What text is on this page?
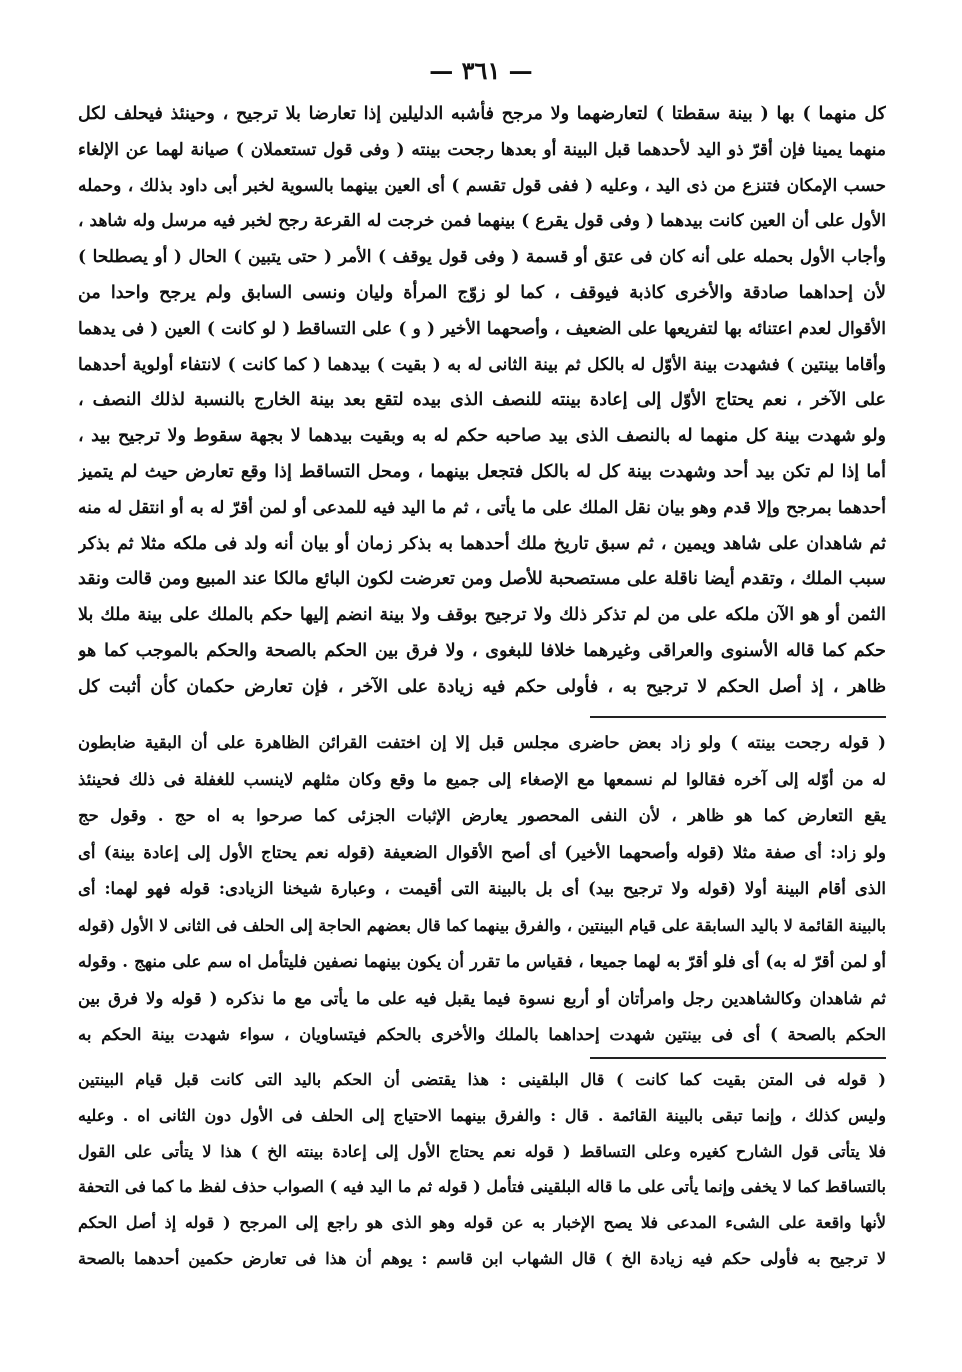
— ٣٦١ —
كل منهما ) بها ( بينة سقطتا ) لتعارضهما ولا مرجح فأشبه الدليلين إذا تعارضا بلا ترجيح ، وحينئذ فيحلف لكل
منهما يمينا فإن أقرّ ذو اليد لأحدهما قبل البينة أو بعدها رجحت بينته ( وفى قول تستعملان ) صيانة لهما عن الإلغاء
حسب الإمكان فتنزع من ذى اليد ، وعليه ( ففى قول تقسم ) أى العين بينهما بالسوية لخبر أبى داود بذلك ، وحمله
الأول على أن العين كانت بيدهما ( وفى قول يقرع ) بينهما فمن خرجت له القرعة رجح لخبر فيه مرسل وله شاهد ،
وأجاب الأول بحمله على أنه كان فى عتق أو قسمة ( وفى قول يوقف ) الأمر ( حتى يتبين ) الحال ( أو يصطلحا )
لأن إحداهما صادقة والأخرى كاذبة فيوقف ، كما لو زوّج المرأة وليان ونسى السابق ولم يرجح واحدا من
الأقوال لعدم اعتنائه بها لتفريعها على الضعيف ، وأصحهما الأخير ( و ) على التساقط ( لو كانت ) العين ( فى يدهما
وأقاما بينتين ) فشهدت بينة الأوّل له بالكل ثم بينة الثانى له به ( بقيت ) بيدهما ( كما كانت ) لانتفاء أولوية أحدهما
على الآخر ، نعم يحتاج الأوّل إلى إعادة بينته للنصف الذى بيده لتقع بعد بينة الخارج بالنسبة لذلك النصف ،
ولو شهدت بينة كل منهما له بالنصف الذى بيد صاحبه حكم له به وبقيت بيدهما لا بجهة سقوط ولا ترجيح بيد ،
أما إذا لم تكن بيد أحد وشهدت بينة كل له بالكل فتجعل بينهما ، ومحل التساقط إذا وقع تعارض حيث لم يتميز
أحدهما بمرجح وإلا قدم وهو بيان نقل الملك على ما يأتى ، ثم ما اليد فيه للمدعى أو لمن أقرّ له به أو انتقل له منه
ثم شاهدان على شاهد ويمين ، ثم سبق تاريخ ملك أحدهما به بذكر زمان أو بيان أنه ولد فى ملكه مثلا ثم بذكر
سبب الملك ، وتقدم أيضا ناقلة على مستصحبة للأصل ومن تعرضت لكون البائع مالكا عند المبيع ومن قالت ونقد
الثمن أو هو الآن ملكه على من لم تذكر ذلك ولا ترجيح بوقف ولا بينة انضم إليها حكم بالملك على بينة ملك بلا
حكم كما قاله الأسنوى والعراقى وغيرهما خلافا للبغوى ، ولا فرق بين الحكم بالصحة والحكم بالموجب كما هو
ظاهر ، إذ أصل الحكم لا ترجيح به ، فأولى حكم فيه زيادة على الآخر ، فإن تعارض حكمان كأن أثبت كل
( قوله رجحت بينته ) ولو زاد بعض حاضرى مجلس قبل إلا إن اختفت القرائن الظاهرة على أن البقية ضابطون
له من أوّله إلى آخره فقالوا لم نسمعها مع الإصغاء إلى جميع ما وقع وكان مثلهم لاينسب للغفلة فى ذلك فحينئذ
يقع التعارض كما هو ظاهر ، لأن النفى المحصور يعارض الإثبات الجزئى كما صرحوا به اه حج . وقول حج
ولو زاد: أى صفة مثلا (قوله وأصحهما الأخير) أى أصح الأقوال الضعيفة (قوله نعم يحتاج الأول إلى إعادة بينة) أى
الذى أقام البينة أولا (قوله ولا ترجيح بيد) أى بل بالبينة التى أقيمت ، وعبارة شيخنا الزيادى: قوله فهو لهما: أى
بالبينة القائمة لا باليد السابقة على قيام البينتين ، والفرق بينهما كما قال بعضهم الحاجة إلى الحلف فى الثانى لا الأول (قوله
أو لمن أقرّ له به) أى فلو أقرّ به لهما جميعا ، فقياس ما تقرر أن يكون بينهما نصفين فليتأمل اه سم على منهج . وقوله
ثم شاهدان وكالشاهدين رجل وامرأتان أو أربع نسوة فيما يقبل فيه على ما يأتى مع ما نذكره ( قوله ولا فرق بين
الحكم بالصحة ) أى فى بينتين شهدت إحداهما بالملك والأخرى بالحكم فيتساويان ، سواء شهدت بينة الحكم به
( قوله فى المتن بقيت كما كانت ) قال البلقينى : هذا يقتضى أن الحكم باليد التى كانت قبل قيام البينتين
وليس كذلك ، وإنما تبقى بالبينة القائمة . قال : والفرق بينهما الاحتياج إلى الحلف فى الأول دون الثانى اه . وعليه
فلا يتأتى قول الشارح كغيره وعلى التساقط ( قوله نعم يحتاج الأول إلى إعادة بينته الخ ) هذا لا يتأتى على القول
بالتساقط كما لا يخفى وإنما يأتى على ما قاله البلقينى فتأمل ( قوله ثم ما اليد فيه ) الصواب حذف لفظ ما كما فى التحفة
لأنها واقعة على الشىء المدعى فلا يصح الإخبار به عن قوله وهو الذى هو راجع إلى المرجح ( قوله إذ أصل الحكم
لا ترجيح به فأولى حكم فيه زيادة الخ ) قال الشهاب ابن قاسم : يوهم أن هذا فى تعارض حكمين أحدهما بالصحة
